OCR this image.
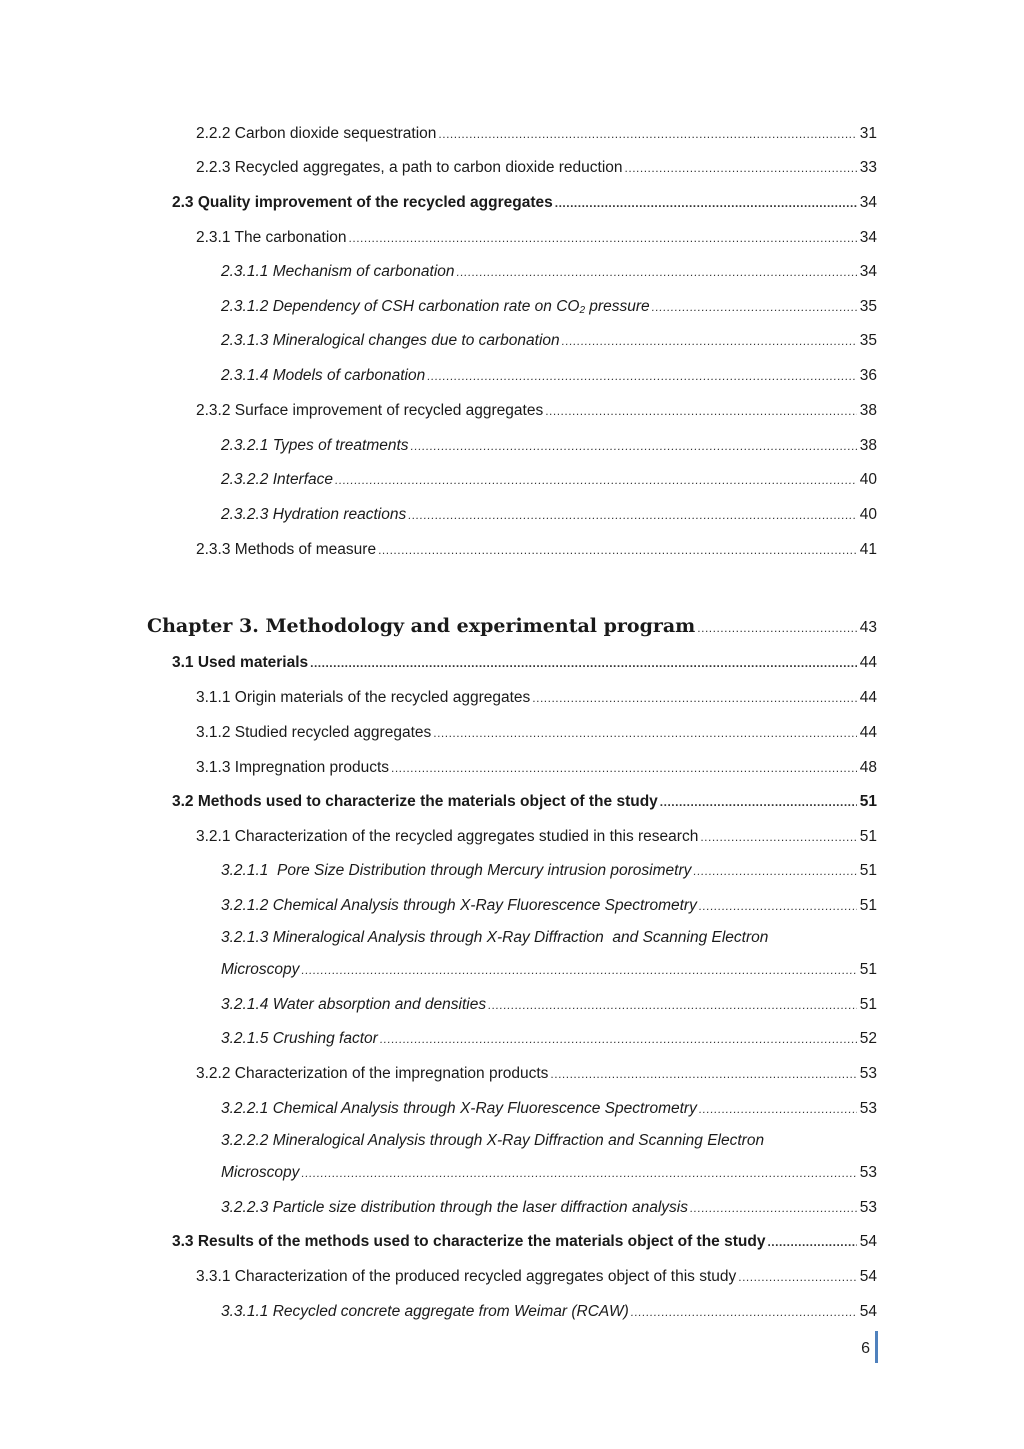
2.2.2 Carbon dioxide sequestration .....	31
2.2.3 Recycled aggregates, a path to carbon dioxide reduction .....	33
2.3 Quality improvement of the recycled aggregates .....	34
2.3.1 The carbonation .....	34
2.3.1.1 Mechanism of carbonation .....	34
2.3.1.2 Dependency of CSH carbonation rate on $CO_2$ pressure .....	35
2.3.1.3 Mineralogical changes due to carbonation .....	35
2.3.1.4 Models of carbonation .....	36
2.3.2 Surface improvement of recycled aggregates .....	38
2.3.2.1 Types of treatments .....	38
2.3.2.2 Interface .....	40
2.3.2.3 Hydration reactions .....	40
2.3.3 Methods of measure .....	41
Chapter 3. Methodology and experimental program .....	43
3.1 Used materials .....	44
3.1.1 Origin materials of the recycled aggregates .....	44
3.1.2 Studied recycled aggregates .....	44
3.1.3 Impregnation products .....	48
3.2 Methods used to characterize the materials object of the study .....	51
3.2.1 Characterization of the recycled aggregates studied in this research .....	51
3.2.1.1  Pore Size Distribution through Mercury intrusion porosimetry .....	51
3.2.1.2 Chemical Analysis through X-Ray Fluorescence Spectrometry .....	51
3.2.1.3 Mineralogical Analysis through X-Ray Diffraction  and Scanning Electron
Microscopy .....	51
3.2.1.4 Water absorption and densities .....	51
3.2.1.5 Crushing factor .....	52
3.2.2 Characterization of the impregnation products .....	53
3.2.2.1 Chemical Analysis through X-Ray Fluorescence Spectrometry .....	53
3.2.2.2 Mineralogical Analysis through X-Ray Diffraction and Scanning Electron
Microscopy .....	53
3.2.2.3 Particle size distribution through the laser diffraction analysis .....	53
3.3 Results of the methods used to characterize the materials object of the study .....	54
3.3.1 Characterization of the produced recycled aggregates object of this study .....	54
3.3.1.1 Recycled concrete aggregate from Weimar (RCAW) .....	54
6
